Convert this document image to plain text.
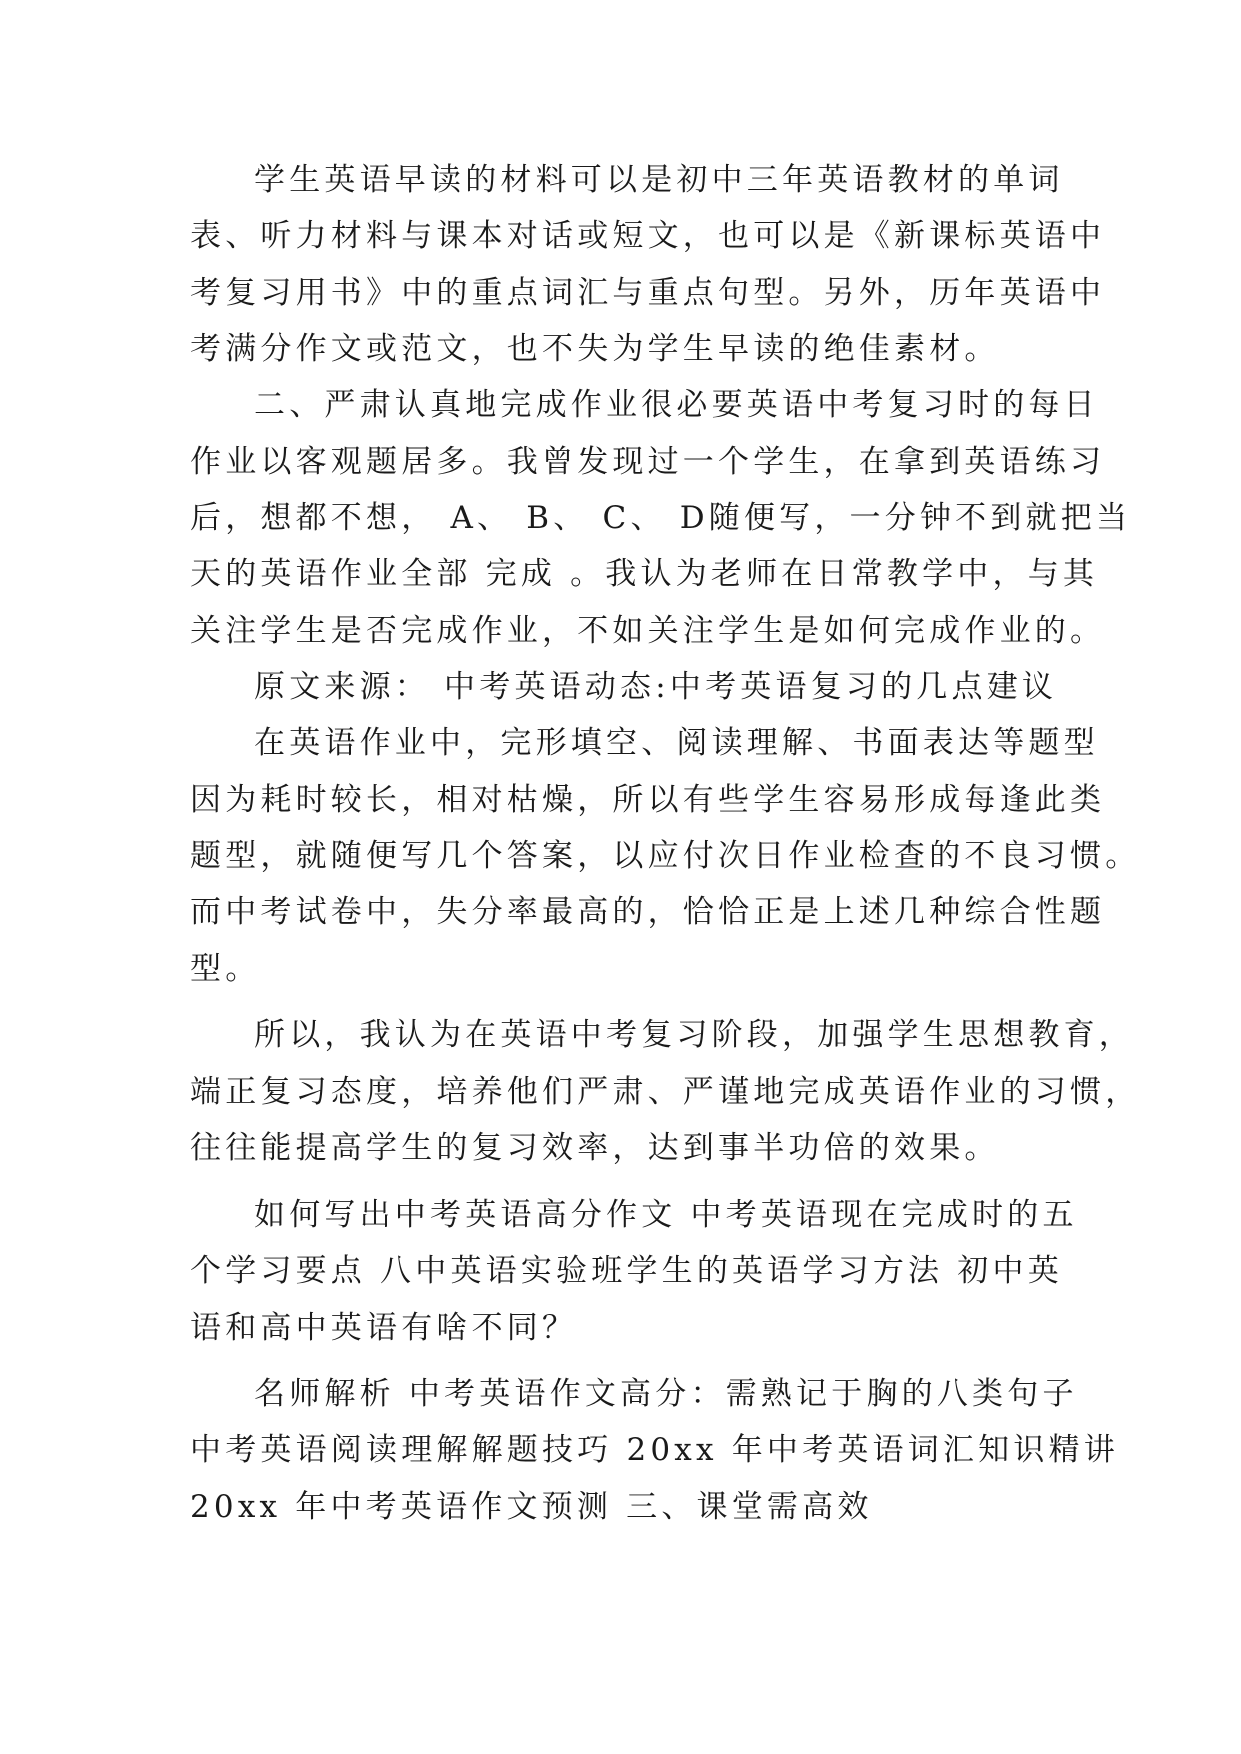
学生英语早读的材料可以是初中三年英语教材的单词
表、听力材料与课本对话或短文，也可以是《新课标英语中
考复习用书》中的重点词汇与重点句型。另外，历年英语中
考满分作文或范文，也不失为学生早读的绝佳素材。
二、严肃认真地完成作业很必要英语中考复习时的每日
作业以客观题居多。我曾发现过一个学生，在拿到英语练习
后，想都不想， A、 B、 C、 D随便写，一分钟不到就把当
天的英语作业全部 完成 。我认为老师在日常教学中，与其
关注学生是否完成作业，不如关注学生是如何完成作业的。
原文来源： 中考英语动态:中考英语复习的几点建议
在英语作业中，完形填空、阅读理解、书面表达等题型
因为耗时较长，相对枯燥，所以有些学生容易形成每逢此类
题型，就随便写几个答案，以应付次日作业检查的不良习惯。
而中考试卷中，失分率最高的，恰恰正是上述几种综合性题
型。
所以，我认为在英语中考复习阶段，加强学生思想教育，
端正复习态度，培养他们严肃、严谨地完成英语作业的习惯，
往往能提高学生的复习效率，达到事半功倍的效果。
如何写出中考英语高分作文 中考英语现在完成时的五
个学习要点 八中英语实验班学生的英语学习方法 初中英
语和高中英语有啥不同？
名师解析 中考英语作文高分：需熟记于胸的八类句子
中考英语阅读理解解题技巧 20xx 年中考英语词汇知识精讲
20xx 年中考英语作文预测 三、课堂需高效
